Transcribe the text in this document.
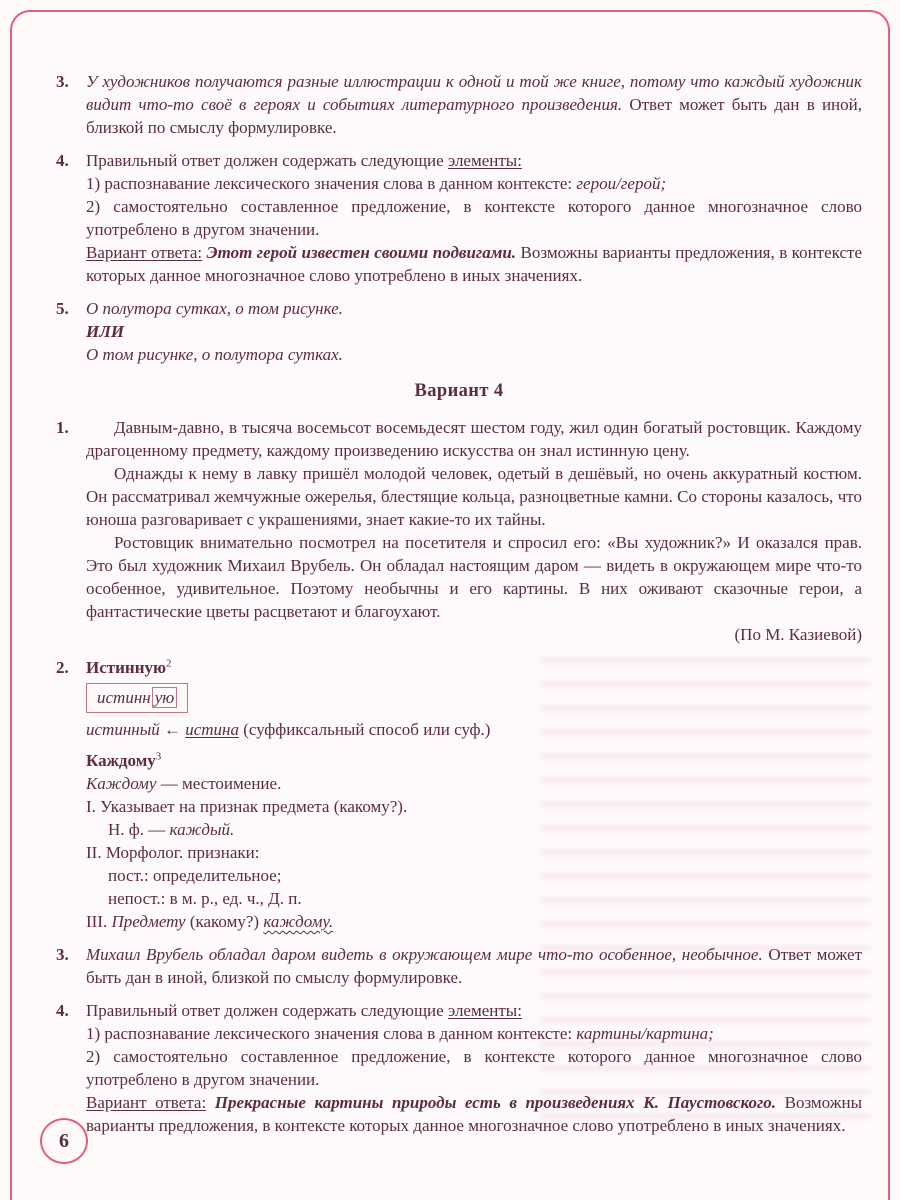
3.	У художников получаются разные иллюстрации к одной и той же книге, потому что каждый художник видит что-то своё в героях и событиях литературного произведения. Ответ может быть дан в иной, близкой по смыслу формулировке.
4.	Правильный ответ должен содержать следующие элементы:
1) распознавание лексического значения слова в данном контексте: герои/герой;
2) самостоятельно составленное предложение, в контексте которого данное многозначное слово употреблено в другом значении.
Вариант ответа: Этот герой известен своими подвигами. Возможны варианты предложения, в контексте которых данное многозначное слово употреблено в иных значениях.
5.	О полутора сутках, о том рисунке.
ИЛИ
О том рисунке, о полутора сутках.
Вариант 4
1.	Давным-давно, в тысяча восемьсот восемьдесят шестом году, жил один богатый ростовщик. Каждому драгоценному предмету, каждому произведению искусства он знал истинную цену.
Однажды к нему в лавку пришёл молодой человек, одетый в дешёвый, но очень аккуратный костюм. Он рассматривал жемчужные ожерелья, блестящие кольца, разноцветные камни. Со стороны казалось, что юноша разговаривает с украшениями, знает какие-то их тайны.
Ростовщик внимательно посмотрел на посетителя и спросил его: «Вы художник?» И оказался прав. Это был художник Михаил Врубель. Он обладал настоящим даром — видеть в окружающем мире что-то особенное, удивительное. Поэтому необычны и его картины. В них оживают сказочные герои, а фантастические цветы расцветают и благоухают.
(По М. Казиевой)
2.	Истинную$^2$
истинн ую
истинный ← истина (суффиксальный способ или суф.)
Каждому$^3$
Каждому — местоимение.
I. Указывает на признак предмета (какому?).
Н. ф. — каждый.
II. Морфолог. признаки:
пост.: определительное;
непост.: в м. р., ед. ч., Д. п.
III. Предмету (какому?) каждому.
3.	Михаил Врубель обладал даром видеть в окружающем мире что-то особенное, необычное. Ответ может быть дан в иной, близкой по смыслу формулировке.
4.	Правильный ответ должен содержать следующие элементы:
1) распознавание лексического значения слова в данном контексте: картины/картина;
2) самостоятельно составленное предложение, в контексте которого данное многозначное слово употреблено в другом значении.
Вариант ответа: Прекрасные картины природы есть в произведениях К. Паустовского. Возможны варианты предложения, в контексте которых данное многозначное слово употреблено в иных значениях.
6
